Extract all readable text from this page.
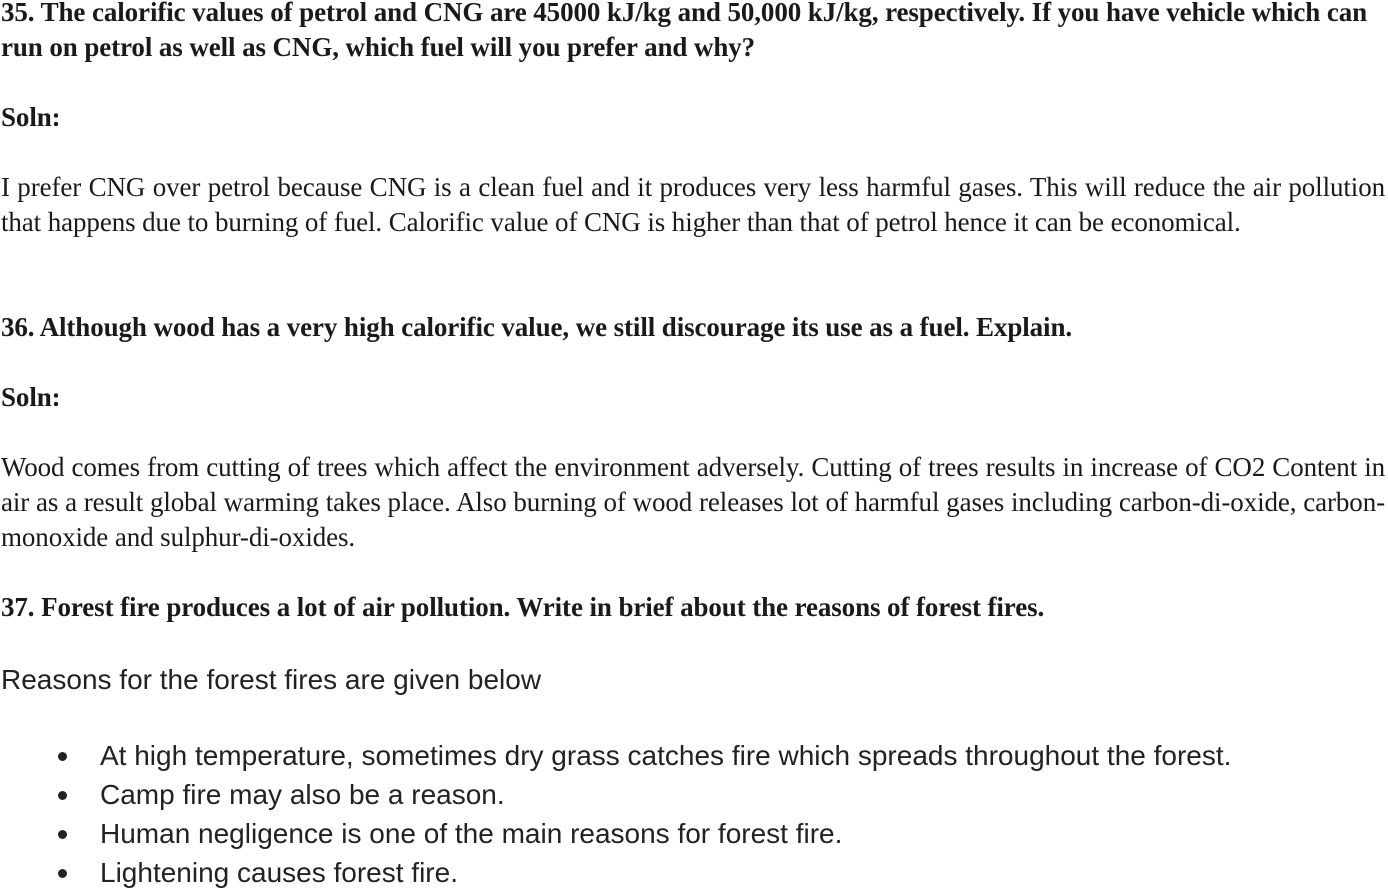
35. The calorific values of petrol and CNG are 45000 kJ/kg and 50,000 kJ/kg, respectively. If you have vehicle which can run on petrol as well as CNG, which fuel will you prefer and why?

Soln:

I prefer CNG over petrol because CNG is a clean fuel and it produces very less harmful gases. This will reduce the air pollution that happens due to burning of fuel. Calorific value of CNG is higher than that of petrol hence it can be economical.

36. Although wood has a very high calorific value, we still discourage its use as a fuel. Explain.

Soln:

Wood comes from cutting of trees which affect the environment adversely. Cutting of trees results in increase of CO2 Content in air as a result global warming takes place. Also burning of wood releases lot of harmful gases including carbon-di-oxide, carbon-monoxide and sulphur-di-oxides.

37. Forest fire produces a lot of air pollution. Write in brief about the reasons of forest fires.

Reasons for the forest fires are given below

At high temperature, sometimes dry grass catches fire which spreads throughout the forest.
Camp fire may also be a reason.
Human negligence is one of the main reasons for forest fire.
Lightening causes forest fire.
